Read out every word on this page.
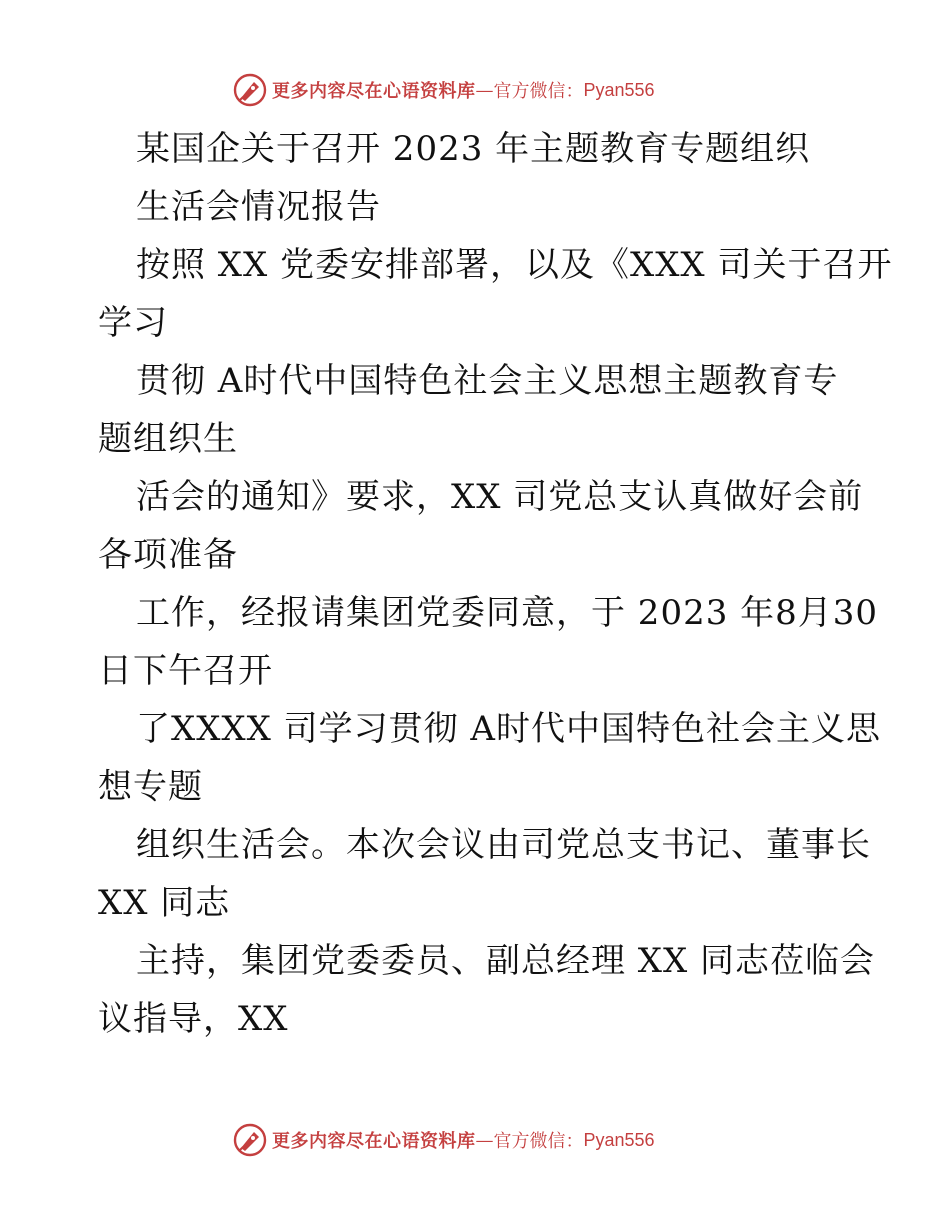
更多内容尽在心语资料库 — 官方微信： Pyan556
某国企关于召开 2023 年主题教育专题组织
生活会情况报告
按照 XX 党委安排部署，以及《XXX 司关于召开
学习
贯彻 A时代中国特色社会主义思想主题教育专
题组织生
活会的通知》要求，XX 司党总支认真做好会前
各项准备
工作，经报请集团党委同意，于 2023 年8月30
日下午召开
了XXXX 司学习贯彻 A时代中国特色社会主义思
想专题
组织生活会。本次会议由司党总支书记、董事长
XX 同志
主持，集团党委委员、副总经理 XX 同志莅临会
议指导，XX
更多内容尽在心语资料库 — 官方微信： Pyan556
